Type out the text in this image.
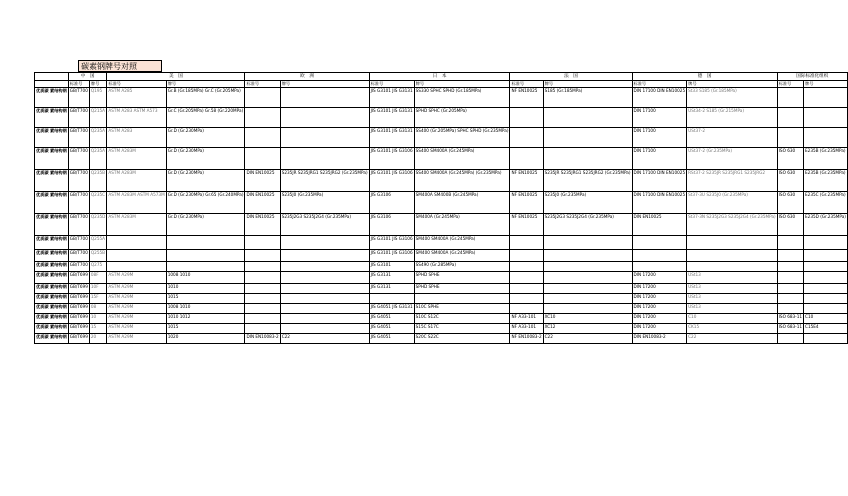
碳素钢牌号对照
	中　国		美　国		欧　洲		日　本		法　国		德　国		国际标准化组织	
	标准号	牌号	标准号	牌号	标准号	牌号	标准号	牌号	标准号	牌号	标准号	牌号	标准号	牌号
优质碳 素结构钢	GB/T700	Q195	ASTM A285	Gr.B (Gr.185MPa) Gr.C (Gr.205MPa)			JIS G3101 JIS G3131	SS330 SPHC SPHD (Gr.185MPa)	NF EN10025	S185 (Gr.185MPa)	DIN 17100 DIN EN10025	St33 S185 (Gr.185MPa)		
优质碳 素结构钢	GB/T700	Q215A	ASTM A283 ASTM A573	Gr.C (Gr.205MPa) Gr.58 (Gr.220MPa)			JIS G3101 JIS G3131	SPHD SPHC (Gr.205MPa)			DIN 17100	USt34-2 S185 (Gr.215MPa)		
优质碳 素结构钢	GB/T700	Q235A	ASTM A283	Gr.D (Gr.230MPa)			JIS G3101 JIS G3131	SS400 (Gr.205MPa) SPHC SPHD (Gr.235MPa)			DIN 17100	USt37-2		
优质碳 素结构钢	GB/T700	Q235A	ASTM A283M	Gr.D (Gr.230MPa)			JIS G3101 JIS G3106	SS400 SM400A (Gr.245MPa)			DIN 17100	USt37-2 (Gr.235MPa)	ISO 630	E235B (Gr.235MPa)
优质碳 素结构钢	GB/T700	Q235B	ASTM A283M	Gr.D (Gr.230MPa)	DIN EN10025	S235JR S235JRG1 S235JRG2 (Gr.235MPa)	JIS G3101 JIS G3106	SS400 SM400A (Gr.245MPa) (Gr.235MPa)	NF EN10025	S235JR S235JRG1 S235JRG2 (Gr.235MPa)	DIN 17100 DIN EN10025	RSt37-2 S235JR S235JRG1 S235JRG2	ISO 630	E235B (Gr.235MPa)
优质碳 素结构钢	GB/T700	Q235C	ASTM A283M ASTM A573M	Gr.D (Gr.230MPa) Gr.65 (Gr.240MPa)	DIN EN10025	S235J0 (Gr.235MPa)	JIS G3106	SM400A SM400B (Gr.245MPa)	NF EN10025	S235J0 (Gr.235MPa)	DIN 17100 DIN EN10025	St37-3U S235J0 (Gr.235MPa)	ISO 630	E235C (Gr.235MPa)
优质碳 素结构钢	GB/T700	Q235D	ASTM A283M	Gr.D (Gr.230MPa)	DIN EN10025	S235J2G3 S235J2G4 (Gr.235MPa)	JIS G3106	SM400A (Gr.245MPa)	NF EN10025	S235J2G3 S235J2G4 (Gr.235MPa)	DIN EN10025	St37-3N S235J2G3 S235J2G4 (Gr.235MPa)	ISO 630	E235D (Gr.235MPa)
优质碳 素结构钢	GB/T700	Q255A					JIS G3101 JIS G3106	SM400 SM400A (Gr.245MPa)						
优质碳 素结构钢	GB/T700	Q255B					JIS G3101 JIS G3106	SM400 SM400A (Gr.245MPa)						
优质碳 素结构钢	GB/T700	Q275					JIS G3101	SS490 (Gr.285MPa)						
优质碳 素结构钢	GB/T699	08F	ASTM A29M	1008 1010			JIS G3131	SPHD SPHE			DIN 17200	USt13		
优质碳 素结构钢	GB/T699	10F	ASTM A29M	1010			JIS G3131	SPHD SPHE			DIN 17200	USt13		
优质碳 素结构钢	GB/T699	15F	ASTM A29M	1015							DIN 17200	USt13		
优质碳 素结构钢	GB/T699	08	ASTM A29M	1008 1010			JIS G4051 JIS G3131	S10C SPHE			DIN 17200	USt13		
优质碳 素结构钢	GB/T699	10	ASTM A29M	1010 1012			JIS G4051	S10C S12C	NF A33-101	XC10	DIN 17200	C10	ISO 683-11	C10
优质碳 素结构钢	GB/T699	15	ASTM A29M	1015			JIS G4051	S15C S17C	NF A33-101	XC12	DIN 17200	CK15	ISO 683-11	C15E4
优质碳 素结构钢	GB/T699	20	ASTM A29M	1020	DIN EN10083-2	C22	JIS G4051	S20C S22C	NF EN10083-2	C22	DIN EN10083-2	C22		
